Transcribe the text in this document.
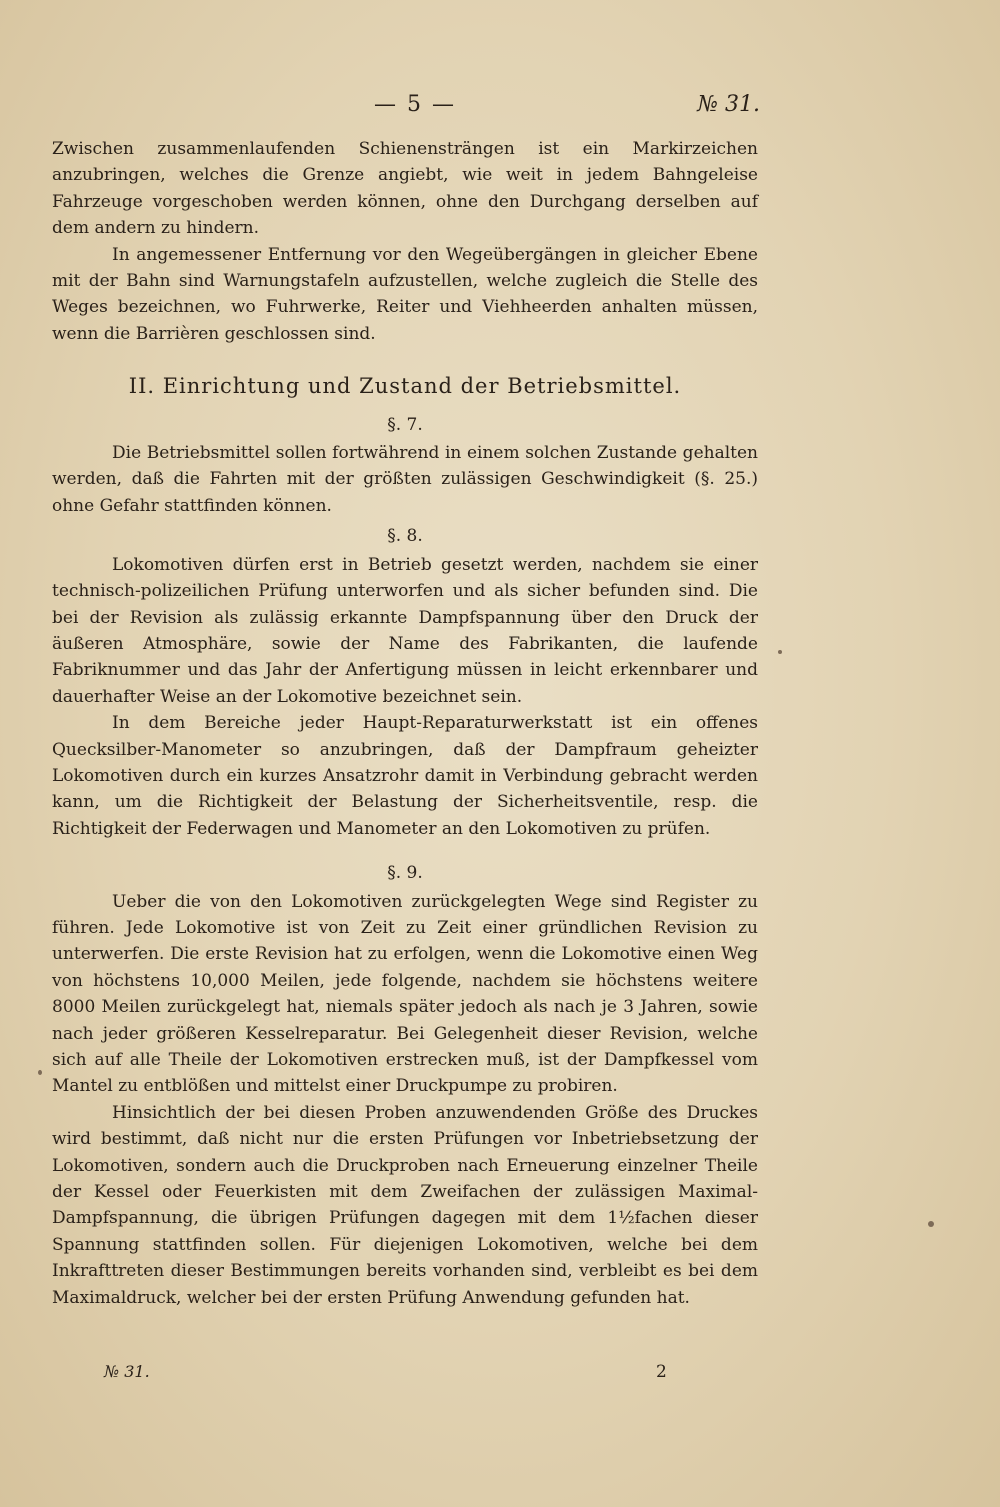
— 5 —	№ 31.

Zwischen zusammenlaufenden Schienensträngen ist ein Markirzeichen anzubringen, welches die Grenze angiebt, wie weit in jedem Bahngeleise Fahrzeuge vorgeschoben werden können, ohne den Durchgang derselben auf dem andern zu hindern.

In angemessener Entfernung vor den Wegeübergängen in gleicher Ebene mit der Bahn sind Warnungstafeln aufzustellen, welche zugleich die Stelle des Weges bezeichnen, wo Fuhrwerke, Reiter und Viehheerden anhalten müssen, wenn die Barrièren geschlossen sind.

II. Einrichtung und Zustand der Betriebsmittel.
§. 7.

Die Betriebsmittel sollen fortwährend in einem solchen Zustande gehalten werden, daß die Fahrten mit der größten zulässigen Geschwindigkeit (§. 25.) ohne Gefahr stattfinden können.

§. 8.

Lokomotiven dürfen erst in Betrieb gesetzt werden, nachdem sie einer technisch-polizeilichen Prüfung unterworfen und als sicher befunden sind. Die bei der Revision als zulässig erkannte Dampfspannung über den Druck der äußeren Atmosphäre, sowie der Name des Fabrikanten, die laufende Fabriknummer und das Jahr der Anfertigung müssen in leicht erkennbarer und dauerhafter Weise an der Lokomotive bezeichnet sein.

In dem Bereiche jeder Haupt-Reparaturwerkstatt ist ein offenes Quecksilber-Manometer so anzubringen, daß der Dampfraum geheizter Lokomotiven durch ein kurzes Ansatzrohr damit in Verbindung gebracht werden kann, um die Richtigkeit der Belastung der Sicherheitsventile, resp. die Richtigkeit der Federwagen und Manometer an den Lokomotiven zu prüfen.

§. 9.

Ueber die von den Lokomotiven zurückgelegten Wege sind Register zu führen. Jede Lokomotive ist von Zeit zu Zeit einer gründlichen Revision zu unterwerfen. Die erste Revision hat zu erfolgen, wenn die Lokomotive einen Weg von höchstens 10,000 Meilen, jede folgende, nachdem sie höchstens weitere 8000 Meilen zurückgelegt hat, niemals später jedoch als nach je 3 Jahren, sowie nach jeder größeren Kesselreparatur. Bei Gelegenheit dieser Revision, welche sich auf alle Theile der Lokomotiven erstrecken muß, ist der Dampfkessel vom Mantel zu entblößen und mittelst einer Druckpumpe zu probiren.

Hinsichtlich der bei diesen Proben anzuwendenden Größe des Druckes wird bestimmt, daß nicht nur die ersten Prüfungen vor Inbetriebsetzung der Lokomotiven, sondern auch die Druckproben nach Erneuerung einzelner Theile der Kessel oder Feuerkisten mit dem Zweifachen der zulässigen Maximal-Dampfspannung, die übrigen Prüfungen dagegen mit dem 1½fachen dieser Spannung stattfinden sollen. Für diejenigen Lokomotiven, welche bei dem Inkrafttreten dieser Bestimmungen bereits vorhanden sind, verbleibt es bei dem Maximaldruck, welcher bei der ersten Prüfung Anwendung gefunden hat.

№ 31.	2
